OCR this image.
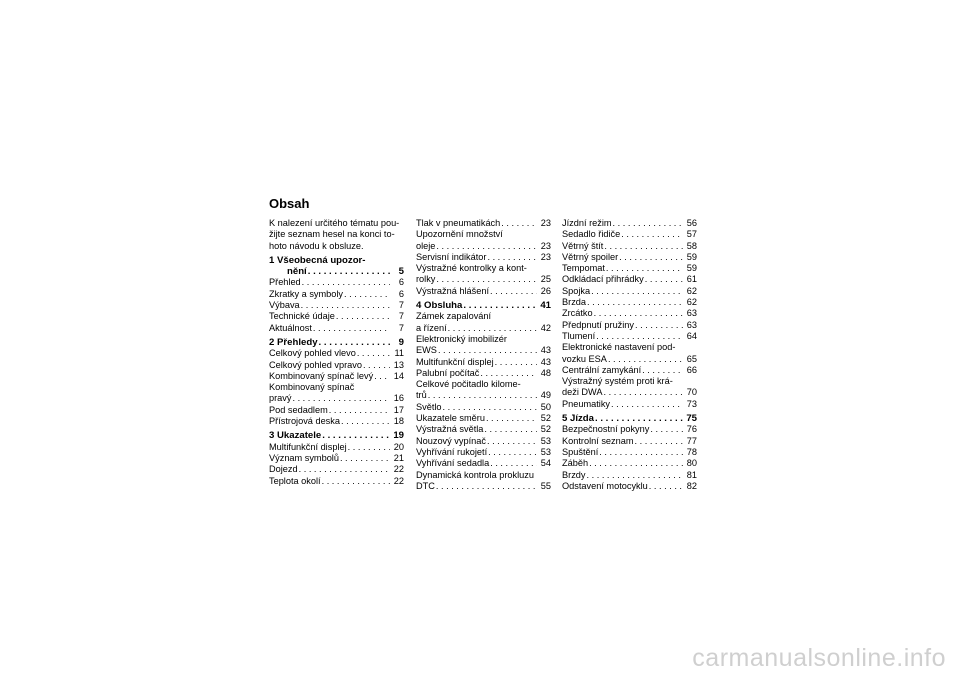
Obsah

K nalezení určitého tématu pou-

žijte seznam hesel na konci to-

hoto návodu k obsluze.

1 Všeobecná upozor-
nění . . .	5
Přehled . . .	6
Zkratky a symboly . . .	6
Výbava . . .	7
Technické údaje . . .	7
Aktuálnost . . .	7
2 Přehledy . . .	9
Celkový pohled vlevo . . .	11
Celkový pohled vpravo . . .	13
Kombinovaný spínač levý . . . 14
Kombinovaný spínač
pravý . . .	16
Pod sedadlem . . .	17
Přístrojová deska . . .	18
3 Ukazatele . . .	19
Multifunkční displej . . .	20
Význam symbolů . . .	21
Dojezd . . .	22
Teplota okolí . . .	22
Tlak v pneumatikách . . .	23
Upozornění množství
oleje . . .	23
Servisní indikátor . . .	23
Výstražné kontrolky a kont-
rolky . . .	25
Výstražná hlášení . . .	26
4 Obsluha . . .	41
Zámek zapalování
a řízení . . .	42
Elektronický imobilizér
EWS . . .	43
Multifunkční displej . . .	43
Palubní počítač . . .	48
Celkové počitadlo kilome-
trů . . .	49
Světlo . . .	50
Ukazatele směru . . .	52
Výstražná světla . . .	52
Nouzový vypínač . . .	53
Vyhřívání rukojetí . . .	53
Vyhřívání sedadla . . .	54
Dynamická kontrola prokluzu
DTC . . .	55
Jízdní režim . . .	56
Sedadlo řidiče . . .	57
Větrný štít . . .	58
Větrný spoiler . . .	59
Tempomat . . .	59
Odkládací přihrádky . . .	61
Spojka . . .	62
Brzda . . .	62
Zrcátko . . .	63
Předpnutí pružiny . . .	63
Tlumení . . .	64
Elektronické nastavení pod-
vozku ESA . . .	65
Centrální zamykání . . .	66
Výstražný systém proti krá-
deži DWA . . .	70
Pneumatiky . . .	73
5 Jízda . . .	75
Bezpečnostní pokyny . . .	76
Kontrolní seznam . . .	77
Spuštění . . .	78
Záběh . . .	80
Brzdy . . .	81
Odstavení motocyklu . . .	82
carmanualsonline.info
